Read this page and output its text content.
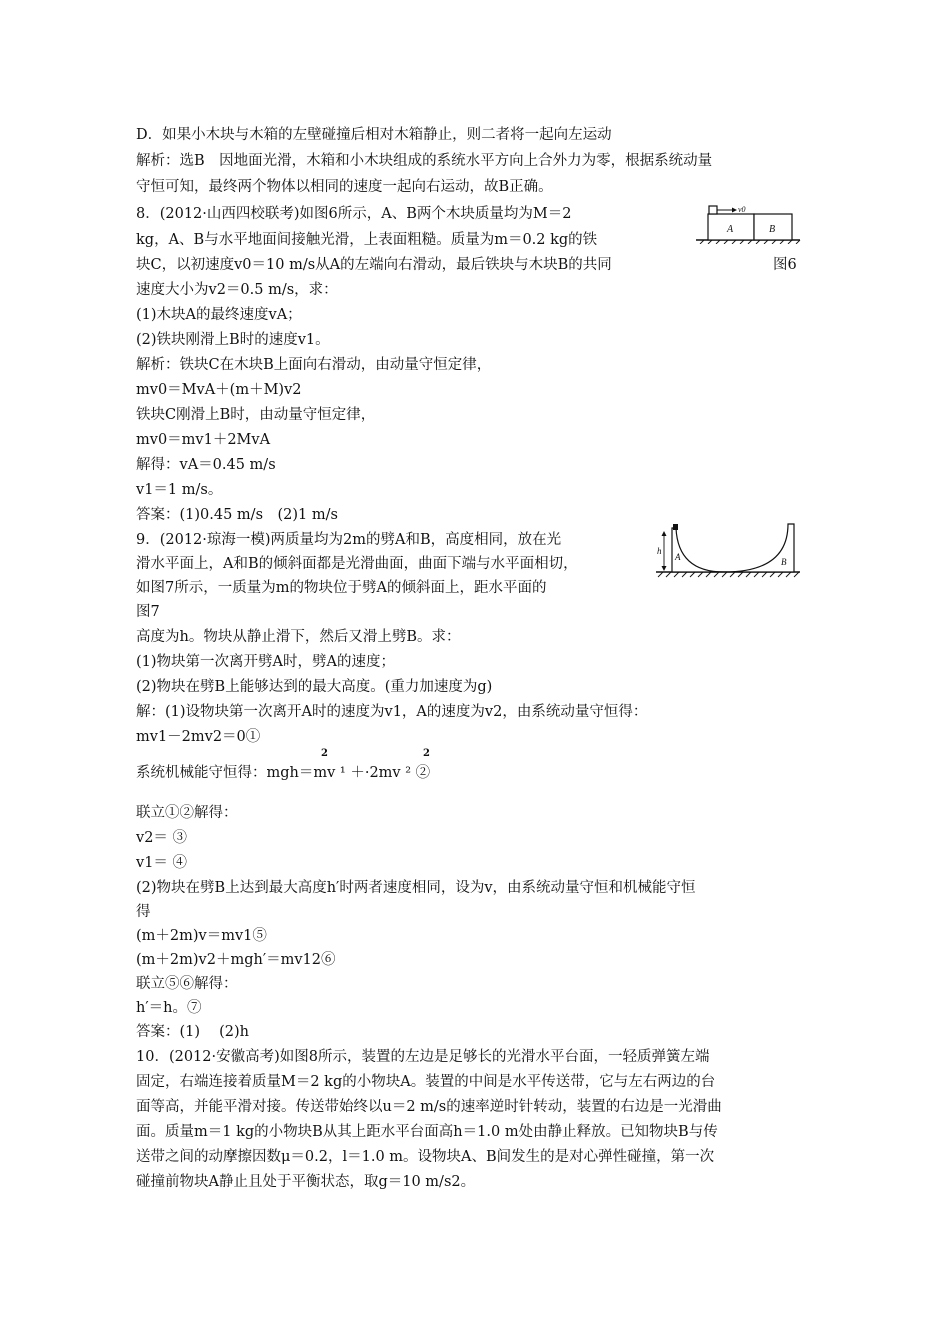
D．如果小木块与木箱的左壁碰撞后相对木箱静止，则二者将一起向左运动
解析：选B　因地面光滑，木箱和小木块组成的系统水平方向上合外力为零，根据系统动量
守恒可知，最终两个物体以相同的速度一起向右运动，故B正确。
8．(2012·山西四校联考)如图6所示，A、B两个木块质量均为M＝2
kg，A、B与水平地面间接触光滑，上表面粗糙。质量为m＝0.2 kg的铁
块C，以初速度v0＝10 m/s从A的左端向右滑动，最后铁块与木块B的共同
速度大小为v2＝0.5 m/s，求：
(1)木块A的最终速度vA；
(2)铁块刚滑上B时的速度v1。
解析：铁块C在木块B上面向右滑动，由动量守恒定律，
mv0＝MvA＋(m＋M)v2
铁块C刚滑上B时，由动量守恒定律，
mv0＝mv1＋2MvA
解得：vA＝0.45 m/s
v1＝1 m/s。
答案：(1)0.45 m/s　(2)1 m/s
9．(2012·琼海一模)两质量均为2m的劈A和B，高度相同，放在光
滑水平面上，A和B的倾斜面都是光滑曲面，曲面下端与水平面相切，
如图7所示，一质量为m的物块位于劈A的倾斜面上，距水平面的
图7
高度为h。物块从静止滑下，然后又滑上劈B。求：
(1)物块第一次离开劈A时，劈A的速度；
(2)物块在劈B上能够达到的最大高度。(重力加速度为g)
解：(1)设物块第一次离开A时的速度为v1，A的速度为v2，由系统动量守恒得：
mv1－2mv2＝0①
系统机械能守恒得：mgh＝mv ¹ ＋·2mv ² ②
2	2
联立①②解得：
v2＝ ③
v1＝ ④
(2)物块在劈B上达到最大高度h′时两者速度相同，设为v，由系统动量守恒和机械能守恒
得
(m＋2m)v＝mv1⑤
(m＋2m)v2＋mgh′＝mv12⑥
联立⑤⑥解得：
h′＝h。⑦
答案：(1)　 (2)h
10．(2012·安徽高考)如图8所示，装置的左边是足够长的光滑水平台面，一轻质弹簧左端
固定，右端连接着质量M＝2 kg的小物块A。装置的中间是水平传送带，它与左右两边的台
面等高，并能平滑对接。传送带始终以u＝2 m/s的速率逆时针转动，装置的右边是一光滑曲
面。质量m＝1 kg的小物块B从其上距水平台面高h＝1.0 m处由静止释放。已知物块B与传
送带之间的动摩擦因数μ＝0.2，l＝1.0 m。设物块A、B间发生的是对心弹性碰撞，第一次
碰撞前物块A静止且处于平衡状态，取g＝10 m/s2。
v0
A	B
图6
h
A	B
